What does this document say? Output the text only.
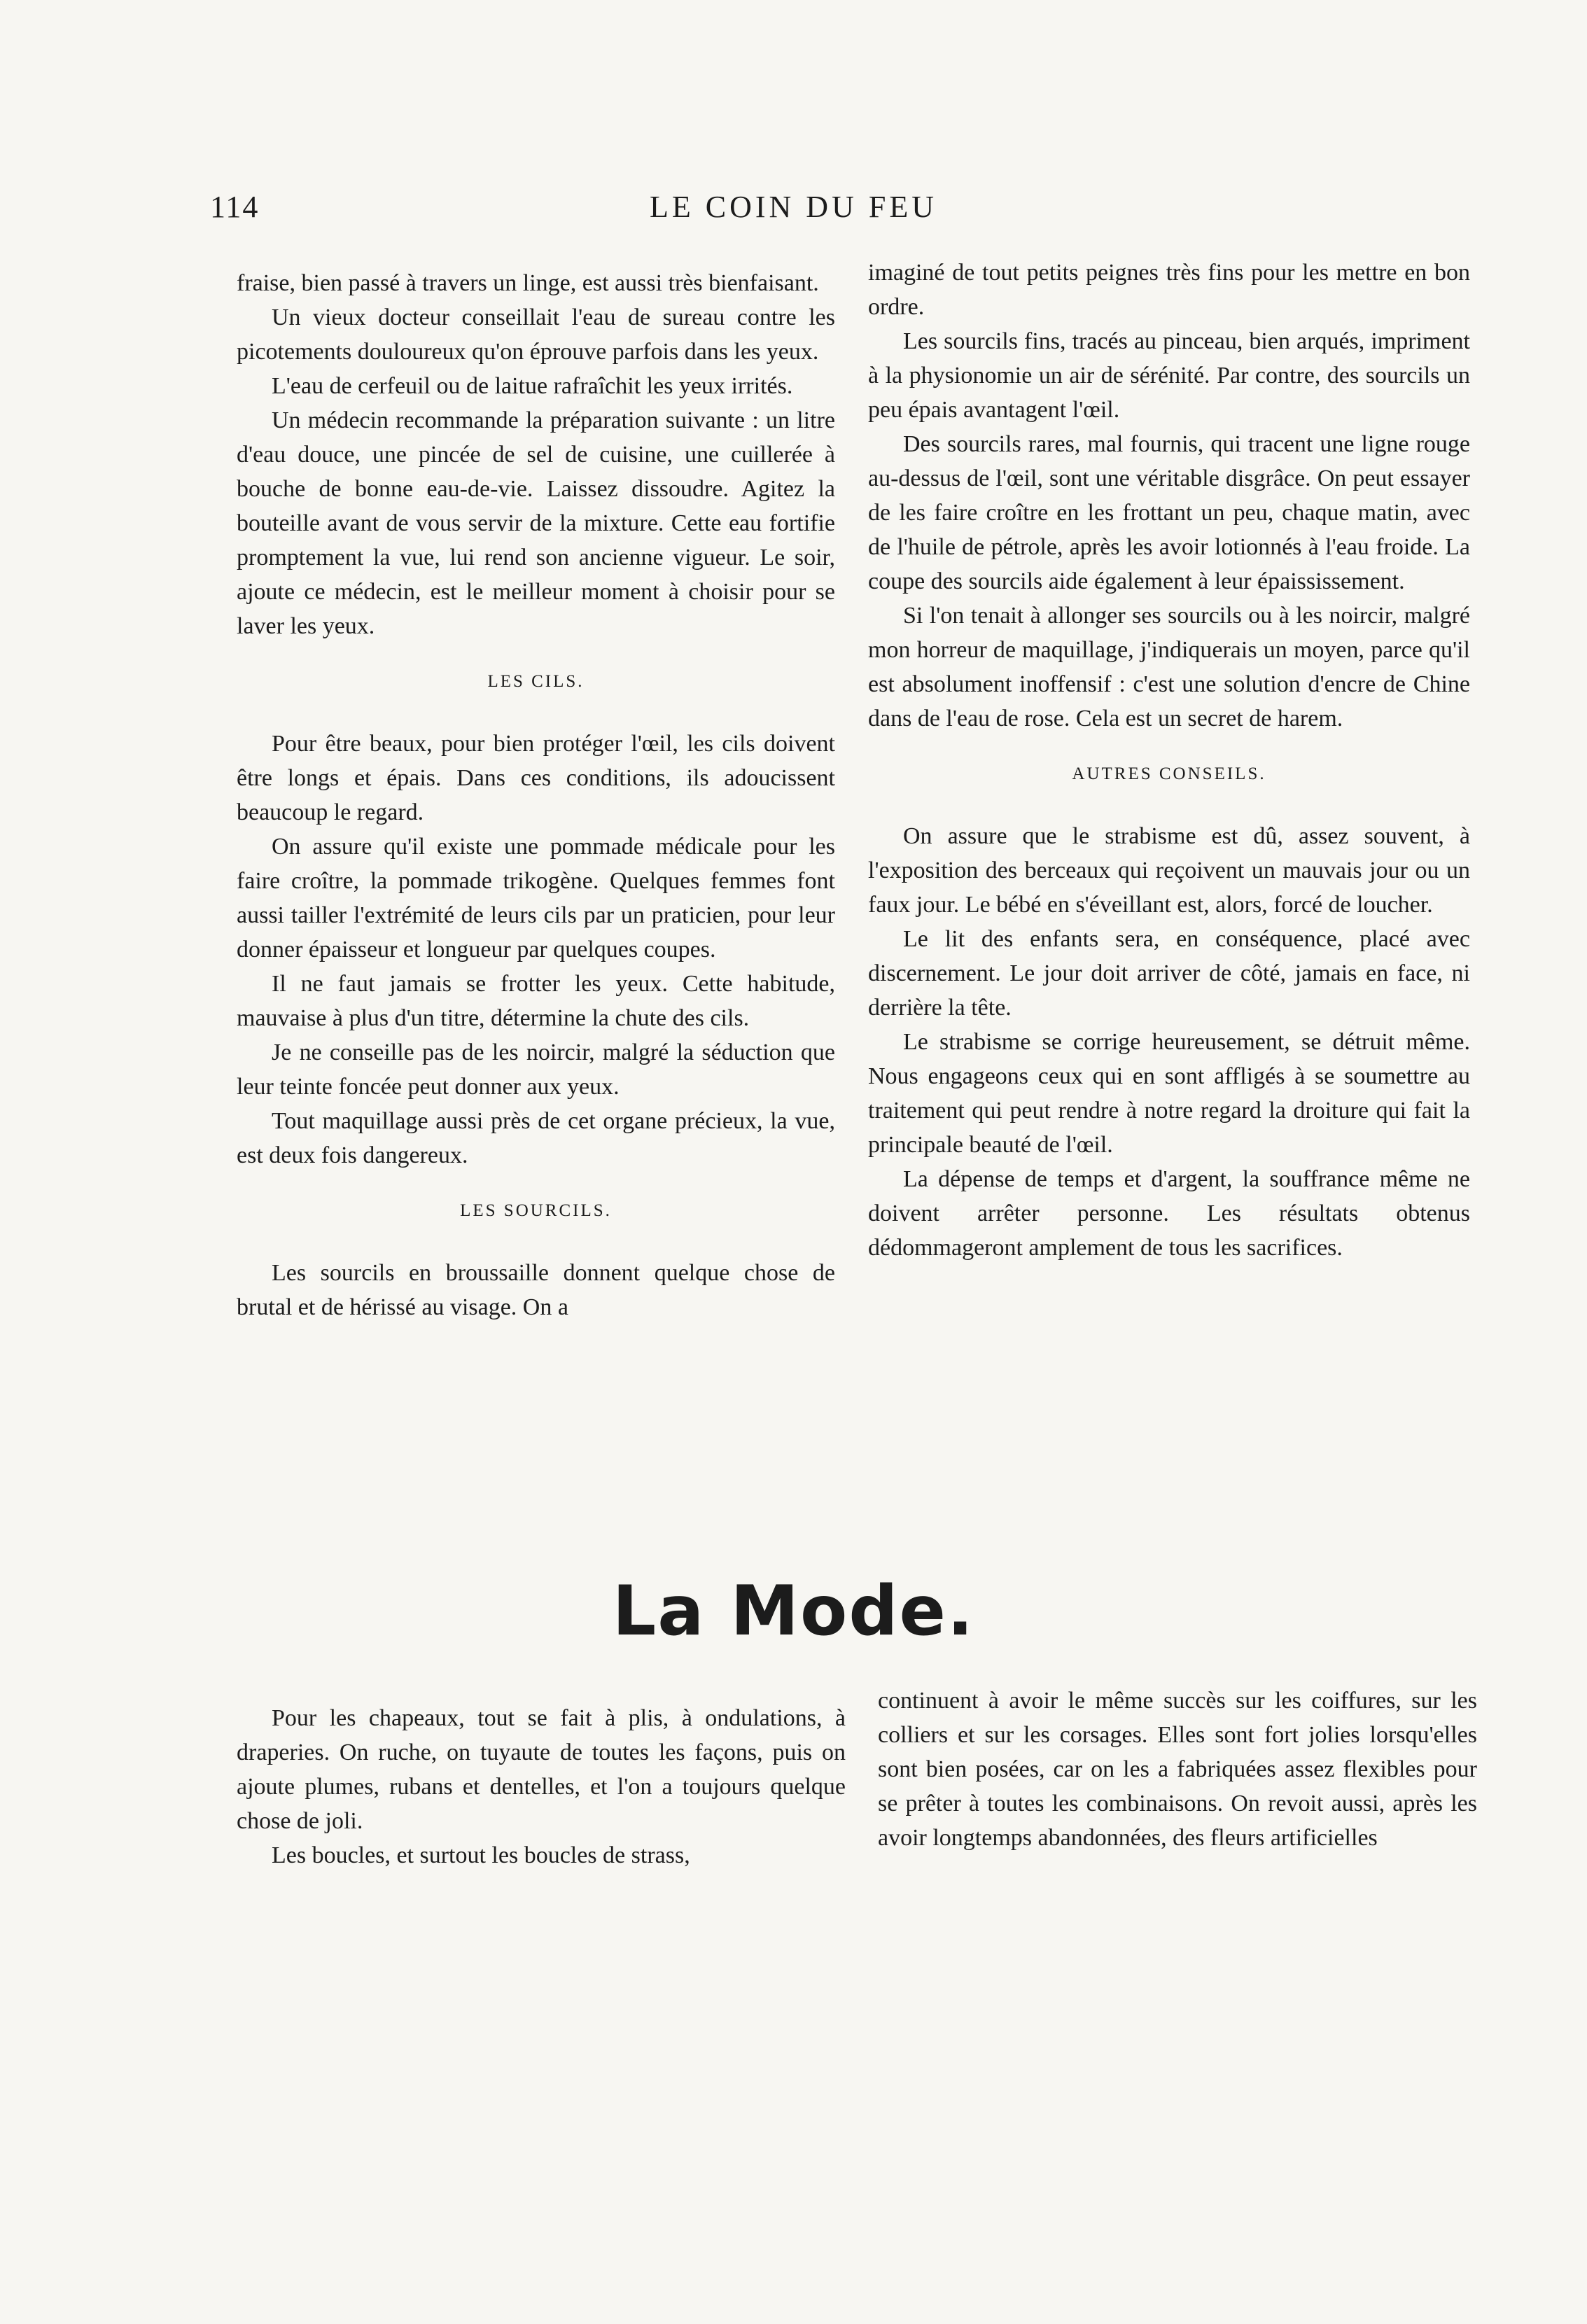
114	LE COIN DU FEU

fraise, bien passé à travers un linge, est aussi très bienfaisant.

Un vieux docteur conseillait l'eau de sureau contre les picotements douloureux qu'on éprouve parfois dans les yeux.

L'eau de cerfeuil ou de laitue rafraîchit les yeux irrités.

Un médecin recommande la préparation suivante : un litre d'eau douce, une pincée de sel de cuisine, une cuillerée à bouche de bonne eau-de-vie. Laissez dissoudre. Agitez la bouteille avant de vous servir de la mixture. Cette eau fortifie promptement la vue, lui rend son ancienne vigueur. Le soir, ajoute ce médecin, est le meilleur moment à choisir pour se laver les yeux.

LES CILS.

Pour être beaux, pour bien protéger l'œil, les cils doivent être longs et épais. Dans ces conditions, ils adoucissent beaucoup le regard.

On assure qu'il existe une pommade médicale pour les faire croître, la pommade trikogène. Quelques femmes font aussi tailler l'extrémité de leurs cils par un praticien, pour leur donner épaisseur et longueur par quelques coupes.

Il ne faut jamais se frotter les yeux. Cette habitude, mauvaise à plus d'un titre, détermine la chute des cils.

Je ne conseille pas de les noircir, malgré la séduction que leur teinte foncée peut donner aux yeux.

Tout maquillage aussi près de cet organe précieux, la vue, est deux fois dangereux.

LES SOURCILS.

Les sourcils en broussaille donnent quelque chose de brutal et de hérissé au visage. On a

imaginé de tout petits peignes très fins pour les mettre en bon ordre.

Les sourcils fins, tracés au pinceau, bien arqués, impriment à la physionomie un air de sérénité. Par contre, des sourcils un peu épais avantagent l'œil.

Des sourcils rares, mal fournis, qui tracent une ligne rouge au-dessus de l'œil, sont une véritable disgrâce. On peut essayer de les faire croître en les frottant un peu, chaque matin, avec de l'huile de pétrole, après les avoir lotionnés à l'eau froide. La coupe des sourcils aide également à leur épaississement.

Si l'on tenait à allonger ses sourcils ou à les noircir, malgré mon horreur de maquillage, j'indiquerais un moyen, parce qu'il est absolument inoffensif : c'est une solution d'encre de Chine dans de l'eau de rose. Cela est un secret de harem.

AUTRES CONSEILS.

On assure que le strabisme est dû, assez souvent, à l'exposition des berceaux qui reçoivent un mauvais jour ou un faux jour. Le bébé en s'éveillant est, alors, forcé de loucher.

Le lit des enfants sera, en conséquence, placé avec discernement. Le jour doit arriver de côté, jamais en face, ni derrière la tête.

Le strabisme se corrige heureusement, se détruit même. Nous engageons ceux qui en sont affligés à se soumettre au traitement qui peut rendre à notre regard la droiture qui fait la principale beauté de l'œil.

La dépense de temps et d'argent, la souffrance même ne doivent arrêter personne. Les résultats obtenus dédommageront amplement de tous les sacrifices.

La Mode.

Pour les chapeaux, tout se fait à plis, à ondulations, à draperies. On ruche, on tuyaute de toutes les façons, puis on ajoute plumes, rubans et dentelles, et l'on a toujours quelque chose de joli.

Les boucles, et surtout les boucles de strass,

continuent à avoir le même succès sur les coiffures, sur les colliers et sur les corsages. Elles sont fort jolies lorsqu'elles sont bien posées, car on les a fabriquées assez flexibles pour se prêter à toutes les combinaisons. On revoit aussi, après les avoir longtemps abandonnées, des fleurs artificielles
